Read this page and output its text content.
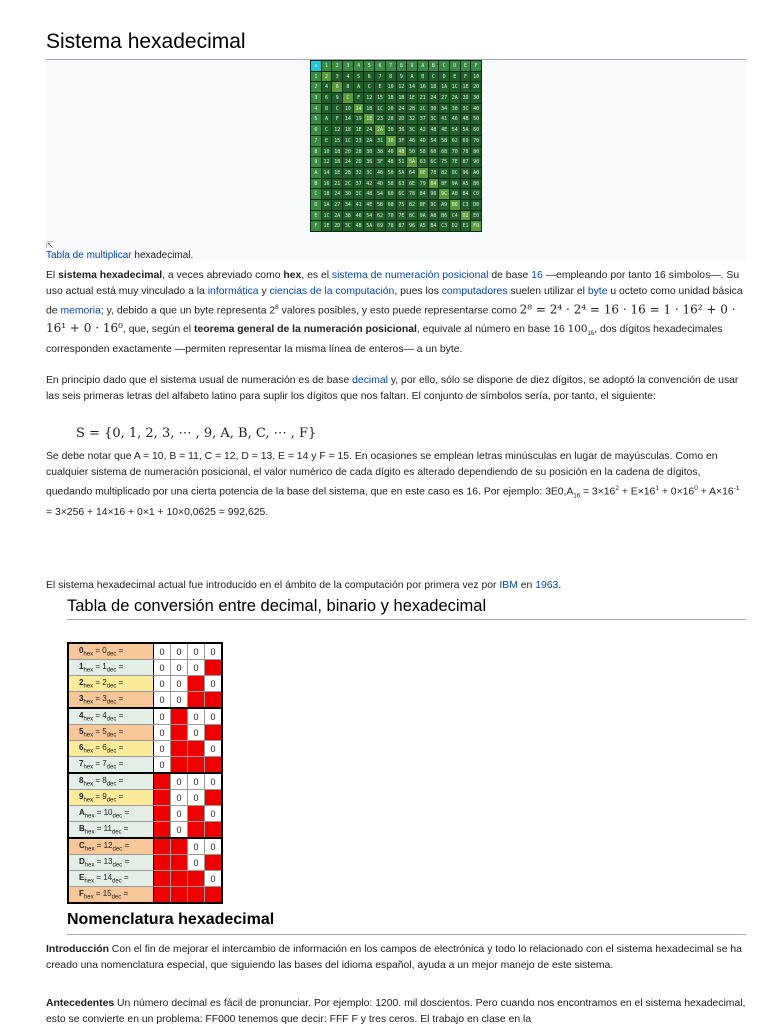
Sistema hexadecimal
x	1	2	3	4	5	6	7	8	9	A	B	C	D	E	F
1	2	3	4	5	6	7	8	9	A	B	C	D	E	F	10
2	4	6	8	A	C	E	10 12 14 16 18 1A 1C 1E 20
3	6	9	C	F	12 15 18 1B 1E 21 24 27 2A 2D 30
4	8	C	10 14 18 1C 20 24 28 2C 30 34 38 3C 40
5	A	F	14 19 1E 23 28 2D 32 37 3C 41 46 4B 50
6	C	12 18 1E 24 2A 30 36 3C 42 48 4E 54 5A 60
7	E	15 1C 23 2A 31 38 3F 46 4D 54 5B 62 69 70
8	10 18 20 28 30 38 40 48 50 58 60 68 70 78 80
9	12 1B 24 2D 36 3F 48 51 5A 63 6C 75 7E 87 90
A	14 1E 28 32 3C 46 50 5A 64 6E 78 82 8C 96 A0
B	16 21 2C 37 42 4D 58 63 6E 79 84 8F 9A A5 B0
C	18 24 30 3C 48 54 60 6C 78 84 90 9C A8 B4 C0
D	1A 27 34 41 4E 5B 68 75 82 8F 9C A9 B6 C3 D0
E	1C 2A 38 46 54 62 70 7E 8C 9A A8 B6 C4 D2 E0
F	1E 2D 3C 4B 5A 69 78 87 96 A5 B4 C3 D2 E1 F0
⇱
Tabla de multiplicar hexadecimal.
El sistema hexadecimal, a veces abreviado como hex, es el sistema de numeración posicional de base 16 —empleando por tanto 16 símbolos—. Su uso actual está muy vinculado a la informática y ciencias de la computación, pues los computadores suelen utilizar el byte u octeto como unidad básica de memoria; y, debido a que un byte representa $2^8$ valores posibles, y esto puede representarse como 2⁸ = 2⁴ · 2⁴ = 16 · 16 = 1 · 16² + 0 · 16¹ + 0 · 16⁰, que, según el teorema general de la numeración posicional, equivale al número en base 16 $100_{16}$, dos dígitos hexadecimales corresponden exactamente —permiten representar la misma línea de enteros— a un byte.
En principio dado que el sistema usual de numeración es de base decimal y, por ello, sólo se dispone de diez dígitos, se adoptó la convención de usar las seis primeras letras del alfabeto latino para suplir los dígitos que nos faltan. El conjunto de símbolos sería, por tanto, el siguiente:
S = {0, 1, 2, 3, ⋯ , 9, A, B, C, ⋯ , F}
Se debe notar que A = 10, B = 11, C = 12, D = 13, E = 14 y F = 15. En ocasiones se emplean letras minúsculas en lugar de mayúsculas. Como en cualquier sistema de numeración posicional, el valor numérico de cada dígito es alterado dependiendo de su posición en la cadena de dígitos, quedando multiplicado por una cierta potencia de la base del sistema, que en este caso es 16. Por ejemplo: $3E0,A_{16} = 3\times 16^2 + E\times 16^1 + 0\times 16^0 + A\times 16^{-1} = 3\times 256 + 14\times 16 + 0\times 1 + 10\times 0,0625 = 992,625$.
El sistema hexadecimal actual fue introducido en el ámbito de la computación por primera vez por IBM en 1963.
Tabla de conversión entre decimal, binario y hexadecimal
$0_{hex} = 0_{dec}$ =	0	0	0	0
$1_{hex} = 1_{dec}$ =	0	0	0	1
$2_{hex} = 2_{dec}$ =	0	0	1	0
$3_{hex} = 3_{dec}$ =	0	0	1	1
$4_{hex} = 4_{dec}$ =	0	1	0	0
$5_{hex} = 5_{dec}$ =	0	1	0	1
$6_{hex} = 6_{dec}$ =	0	1	1	0
$7_{hex} = 7_{dec}$ =	0	1	1	1
$8_{hex} = 8_{dec}$ =	1	0	0	0
$9_{hex} = 9_{dec}$ =	1	0	0	1
$A_{hex} = 10_{dec}$ =	1	0	1	0
$B_{hex} = 11_{dec}$ =	1	0	1	1
$C_{hex} = 12_{dec}$ =	1	1	0	0
$D_{hex} = 13_{dec}$ =	1	1	0	1
$E_{hex} = 14_{dec}$ =	1	1	1	0
$F_{hex} = 15_{dec}$ =	1	1	1	1
Nomenclatura hexadecimal
Introducción Con el fin de mejorar el intercambio de información en los campos de electrónica y todo lo relacionado con el sistema hexadecimal se ha creado una nomenclatura especial, que siguiendo las bases del idioma español, ayuda a un mejor manejo de este sistema.
Antecedentes Un número decimal es fácil de pronunciar. Por ejemplo: 1200. mil doscientos. Pero cuando nos encontramos en el sistema hexadecimal, esto se convierte en un problema: FF000 tenemos que decir: FFF F y tres ceros. El trabajo en clase en la
